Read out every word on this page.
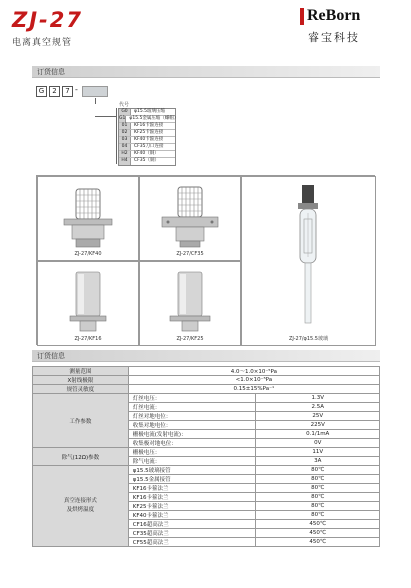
ZJ-27
电离真空规管
ReBorn
睿宝科技
订货信息
G	2	7 -
代号
G0	φ15.5玻璃压缩
G1 φ15.5金属压缩（螺帽）
01	KF16卡箍连接
02	KF25卡箍连接
03	KF40卡箍连接
04	CF35刀口连接
H2	KF40（铜）
H4	CF35（铜）
ZJ-27/KF40	ZJ-27/CF35
ZJ-27/φ15.5玻璃
ZJ-27/KF16	ZJ-27/KF25
订货信息
测量范围	4.0～1.0×10⁻⁵Pa	
X射线极限	<1.0×10⁻⁵Pa	
规管灵敏度	0.15±15%Pa⁻¹	
工作参数	灯丝电压：	1.3V
	灯丝电流：	2.5A
	灯丝对地电位：	25V
	收集对地电位：	225V
	栅极电流(发射电流)：	0.1/1mA
	收集极对地电位：	0V
除气(12Ω)参数	栅极电压：	11V
	除气电流：	3A
真空连接形式
及烘烤温度	φ15.5玻璃接管	80℃
	φ15.5金属接管	80℃
	KF16卡箍法兰	80℃
	KF16卡箍法兰	80℃
	KF25卡箍法兰	80℃
	KF40卡箍法兰	80℃
	CF16超高法兰	450℃
	CF35超高法兰	450℃
	CF55超高法兰	450℃
